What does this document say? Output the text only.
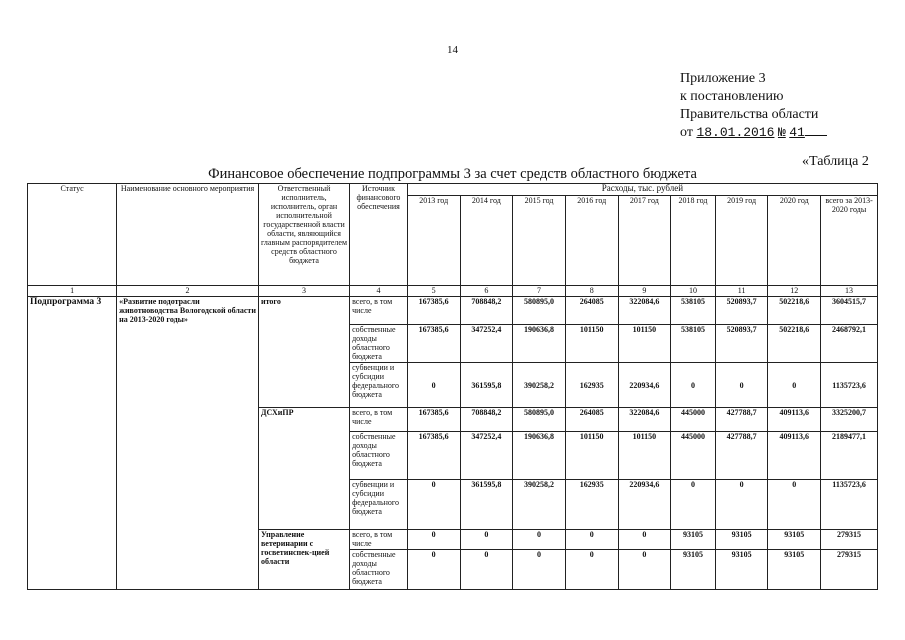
14
Приложение 3
к постановлению
Правительства области
от 18.01.2016 № 41
«Таблица 2
Финансовое обеспечение подпрограммы 3 за счет средств областного бюджета
Статус	Наименование основного мероприятия	Ответственный исполнитель, исполнитель, орган исполнительной государственной власти области, являющийся главным распорядителем средств областного бюджета	Источник финансового обеспечения	Расходы, тыс. рублей								
				2013 год	2014 год	2015 год	2016 год	2017 год	2018 год	2019 год	2020 год	всего за 2013-2020 годы
1	2	3	4	5	6	7	8	9	10	11	12	13
Подпрограмма 3	«Развитие подотрасли животноводства Вологодской области на 2013-2020 годы»	итого	всего, в том числе	167385,6	708848,2	580895,0	264085	322084,6	538105	520893,7	502218,6	3604515,7
			собственные доходы областного бюджета	167385,6	347252,4	190636,8	101150	101150	538105	520893,7	502218,6	2468792,1
			субвенции и субсидии федерального бюджета	0	361595,8	390258,2	162935	220934,6	0	0	0	1135723,6
		ДСХиПР	всего, в том числе	167385,6	708848,2	580895,0	264085	322084,6	445000	427788,7	409113,6	3325200,7
			собственные доходы областного бюджета	167385,6	347252,4	190636,8	101150	101150	445000	427788,7	409113,6	2189477,1
			субвенции и субсидии федерального бюджета	0	361595,8	390258,2	162935	220934,6	0	0	0	1135723,6
		Управление ветеринарии с госветинспек-цией области	всего, в том числе	0	0	0	0	0	93105	93105	93105	279315
			собственные доходы областного бюджета	0	0	0	0	0	93105	93105	93105	279315
